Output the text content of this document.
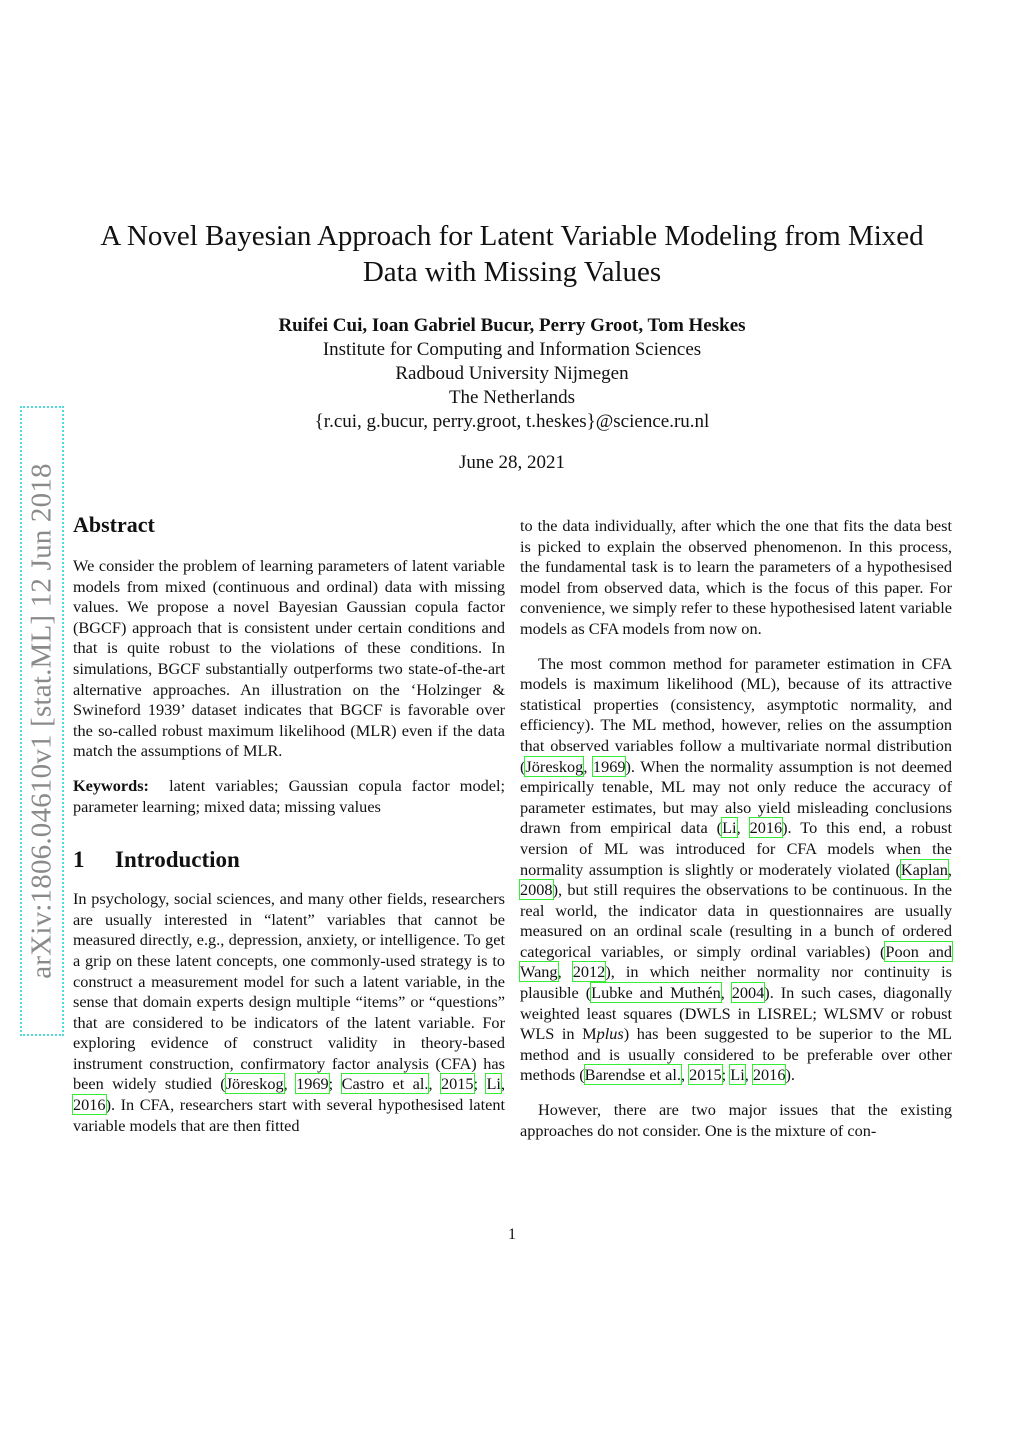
arXiv:1806.04610v1 [stat.ML] 12 Jun 2018
A Novel Bayesian Approach for Latent Variable Modeling from Mixed
Data with Missing Values
Ruifei Cui, Ioan Gabriel Bucur, Perry Groot, Tom Heskes
Institute for Computing and Information Sciences
Radboud University Nijmegen
The Netherlands
{r.cui, g.bucur, perry.groot, t.heskes}@science.ru.nl
June 28, 2021
Abstract

We consider the problem of learning parameters of latent variable models from mixed (continuous and ordinal) data with missing values. We propose a novel Bayesian Gaussian copula factor (BGCF) approach that is consistent under certain conditions and that is quite robust to the violations of these conditions. In simulations, BGCF substantially outperforms two state-of-the-art alternative approaches. An illustration on the ‘Holzinger & Swineford 1939’ dataset indicates that BGCF is favorable over the so-called robust maximum likelihood (MLR) even if the data match the assumptions of MLR.

Keywords: latent variables; Gaussian copula factor model; parameter learning; mixed data; missing values

1 Introduction

In psychology, social sciences, and many other fields, researchers are usually interested in “latent” variables that cannot be measured directly, e.g., depression, anxiety, or intelligence. To get a grip on these latent concepts, one commonly-used strategy is to construct a measurement model for such a latent variable, in the sense that domain experts design multiple “items” or “questions” that are considered to be indicators of the latent variable. For exploring evidence of construct validity in theory-based instrument construction, confirmatory factor analysis (CFA) has been widely studied (Jöreskog, 1969; Castro et al., 2015; Li, 2016). In CFA, researchers start with several hypothesised latent variable models that are then fitted

to the data individually, after which the one that fits the data best is picked to explain the observed phenomenon. In this process, the fundamental task is to learn the parameters of a hypothesised model from observed data, which is the focus of this paper. For convenience, we simply refer to these hypothesised latent variable models as CFA models from now on.

The most common method for parameter estimation in CFA models is maximum likelihood (ML), because of its attractive statistical properties (consistency, asymptotic normality, and efficiency). The ML method, however, relies on the assumption that observed variables follow a multivariate normal distribution (Jöreskog, 1969). When the normality assumption is not deemed empirically tenable, ML may not only reduce the accuracy of parameter estimates, but may also yield misleading conclusions drawn from empirical data (Li, 2016). To this end, a robust version of ML was introduced for CFA models when the normality assumption is slightly or moderately violated (Kaplan, 2008), but still requires the observations to be continuous. In the real world, the indicator data in questionnaires are usually measured on an ordinal scale (resulting in a bunch of ordered categorical variables, or simply ordinal variables) (Poon and Wang, 2012), in which neither normality nor continuity is plausible (Lubke and Muthén, 2004). In such cases, diagonally weighted least squares (DWLS in LISREL; WLSMV or robust WLS in Mplus) has been suggested to be superior to the ML method and is usually considered to be preferable over other methods (Barendse et al., 2015; Li, 2016).

However, there are two major issues that the existing approaches do not consider. One is the mixture of con-

1
